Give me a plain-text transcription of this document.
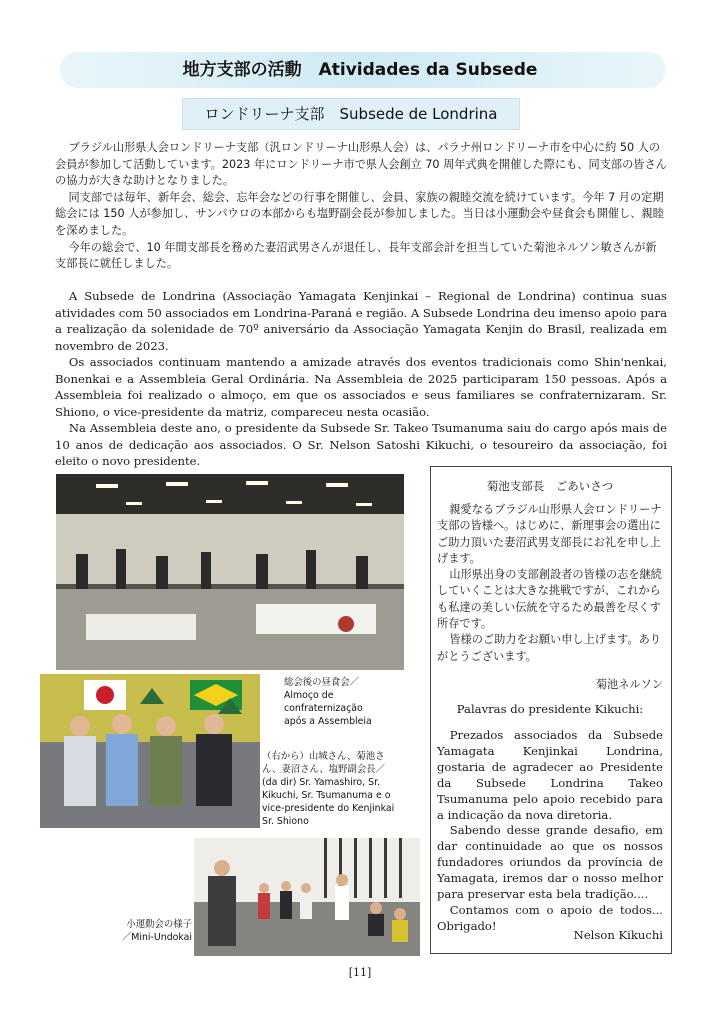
地方支部の活動　Atividades da Subsede
ロンドリーナ支部　Subsede de Londrina

ブラジル山形県人会ロンドリーナ支部（汎ロンドリーナ山形県人会）は、パラナ州ロンドリーナ市を中心に約 50 人の会員が参加して活動しています。2023 年にロンドリーナ市で県人会創立 70 周年式典を開催した際にも、同支部の皆さんの協力が大きな助けとなりました。

同支部では毎年、新年会、総会、忘年会などの行事を開催し、会員、家族の親睦交流を続けています。今年 7 月の定期総会には 150 人が参加し、サンパウロの本部からも塩野副会長が参加しました。当日は小運動会や昼食会も開催し、親睦を深めました。

今年の総会で、10 年間支部長を務めた妻沼武男さんが退任し、長年支部会計を担当していた菊池ネルソン敏さんが新支部長に就任しました。

A Subsede de Londrina (Associação Yamagata Kenjinkai – Regional de Londrina) continua suas atividades com 50 associados em Londrina-Paraná e região. A Subsede Londrina deu imenso apoio para a realização da solenidade de 70º aniversário da Associação Yamagata Kenjin do Brasil, realizada em novembro de 2023.

Os associados continuam mantendo a amizade através dos eventos tradicionais como Shin'nenkai, Bonenkai e a Assembleia Geral Ordinária. Na Assembleia de 2025 participaram 150 pessoas. Após a Assembleia foi realizado o almoço, em que os associados e seus familiares se confraternizaram. Sr. Shiono, o vice-presidente da matriz, compareceu nesta ocasião.

Na Assembleia deste ano, o presidente da Subsede Sr. Takeo Tsumanuma saiu do cargo após mais de 10 anos de dedicação aos associados. O Sr. Nelson Satoshi Kikuchi, o tesoureiro da associação, foi eleito o novo presidente.

総会後の昼食会／
Almoço de confraternização
após a Assembleia
（右から）山城さん、菊池さ
ん、妻沼さん、塩野副会長／
(da dir) Sr. Yamashiro, Sr.
Kikuchi, Sr. Tsumanuma e o
vice-presidente do Kenjinkai
Sr. Shiono
小運動会の様子
／Mini-Undokai
菊池支部長　ごあいさつ

親愛なるブラジル山形県人会ロンドリーナ支部の皆様へ。はじめに、新理事会の選出にご助力頂いた妻沼武男支部長にお礼を申し上げます。

山形県出身の支部創設者の皆様の志を継続していくことは大きな挑戦ですが、これからも私達の美しい伝統を守るため最善を尽くす所存です。

皆様のご助力をお願い申し上げます。ありがとうございます。

菊池ネルソン
Palavras do presidente Kikuchi:

Prezados associados da Subsede Yamagata Kenjinkai Londrina, gostaria de agradecer ao Presidente da Subsede Londrina Takeo Tsumanuma pelo apoio recebido para a indicação da nova diretoria.

Sabendo desse grande desafio, em dar continuidade ao que os nossos fundadores oriundos da província de Yamagata, iremos dar o nosso melhor para preservar esta bela tradição....

Contamos com o apoio de todos... Obrigado!

Nelson Kikuchi
[11]
